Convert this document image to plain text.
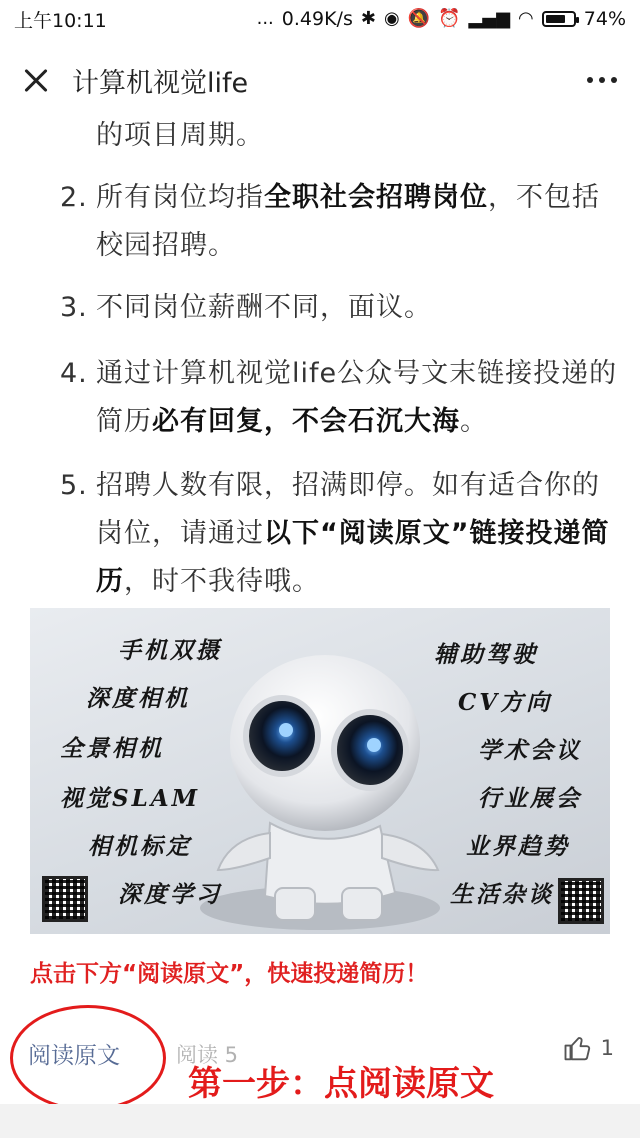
上午10:11	... 0.49K/s ✱ ◉ 🔕 ⏰ ▂▄▆ ◠	74%
计算机视觉life
的项目周期。
2. 所有岗位均指全职社会招聘岗位，不包括校园招聘。
3. 不同岗位薪酬不同，面议。
4. 通过计算机视觉life公众号文末链接投递的简历必有回复，不会石沉大海。
5. 招聘人数有限，招满即停。如有适合你的岗位，请通过以下“阅读原文”链接投递简历，时不我待哦。
手机双摄
深度相机
全景相机
视觉SLAM
相机标定
深度学习
辅助驾驶
CV方向
学术会议
行业展会
业界趋势
生活杂谈
点击下方“阅读原文”，快速投递简历！
阅读原文	阅读 5	1
第一步：点阅读原文
